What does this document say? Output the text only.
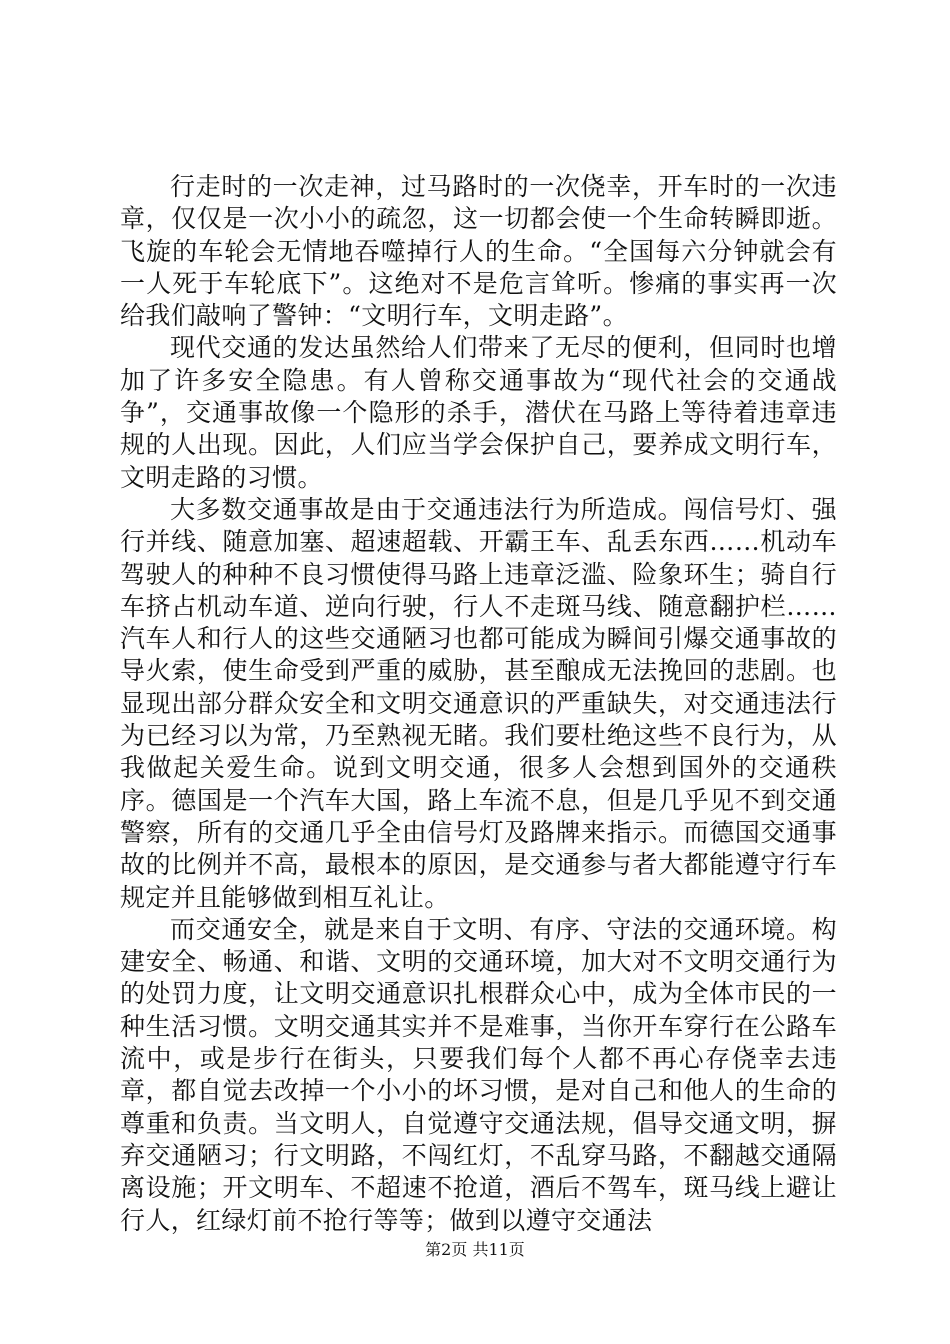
行走时的一次走神，过马路时的一次侥幸，开车时的一次违章，仅仅是一次小小的疏忽，这一切都会使一个生命转瞬即逝。飞旋的车轮会无情地吞噬掉行人的生命。“全国每六分钟就会有一人死于车轮底下”。这绝对不是危言耸听。惨痛的事实再一次给我们敲响了警钟：“文明行车，文明走路”。

现代交通的发达虽然给人们带来了无尽的便利，但同时也增加了许多安全隐患。有人曾称交通事故为“现代社会的交通战争”，交通事故像一个隐形的杀手，潜伏在马路上等待着违章违规的人出现。因此，人们应当学会保护自己，要养成文明行车，文明走路的习惯。

大多数交通事故是由于交通违法行为所造成。闯信号灯、强行并线、随意加塞、超速超载、开霸王车、乱丢东西……机动车驾驶人的种种不良习惯使得马路上违章泛滥、险象环生；骑自行车挤占机动车道、逆向行驶，行人不走斑马线、随意翻护栏……汽车人和行人的这些交通陋习也都可能成为瞬间引爆交通事故的导火索，使生命受到严重的威胁，甚至酿成无法挽回的悲剧。也显现出部分群众安全和文明交通意识的严重缺失，对交通违法行为已经习以为常，乃至熟视无睹。我们要杜绝这些不良行为，从我做起关爱生命。说到文明交通，很多人会想到国外的交通秩序。德国是一个汽车大国，路上车流不息，但是几乎见不到交通警察，所有的交通几乎全由信号灯及路牌来指示。而德国交通事故的比例并不高，最根本的原因，是交通参与者大都能遵守行车规定并且能够做到相互礼让。

而交通安全，就是来自于文明、有序、守法的交通环境。构建安全、畅通、和谐、文明的交通环境，加大对不文明交通行为的处罚力度，让文明交通意识扎根群众心中，成为全体市民的一种生活习惯。文明交通其实并不是难事，当你开车穿行在公路车流中，或是步行在街头，只要我们每个人都不再心存侥幸去违章，都自觉去改掉一个小小的坏习惯，是对自己和他人的生命的尊重和负责。当文明人，自觉遵守交通法规，倡导交通文明，摒弃交通陋习；行文明路，不闯红灯，不乱穿马路，不翻越交通隔离设施；开文明车、不超速不抢道，酒后不驾车，斑马线上避让行人，红绿灯前不抢行等等；做到以遵守交通法

第2页 共11页
